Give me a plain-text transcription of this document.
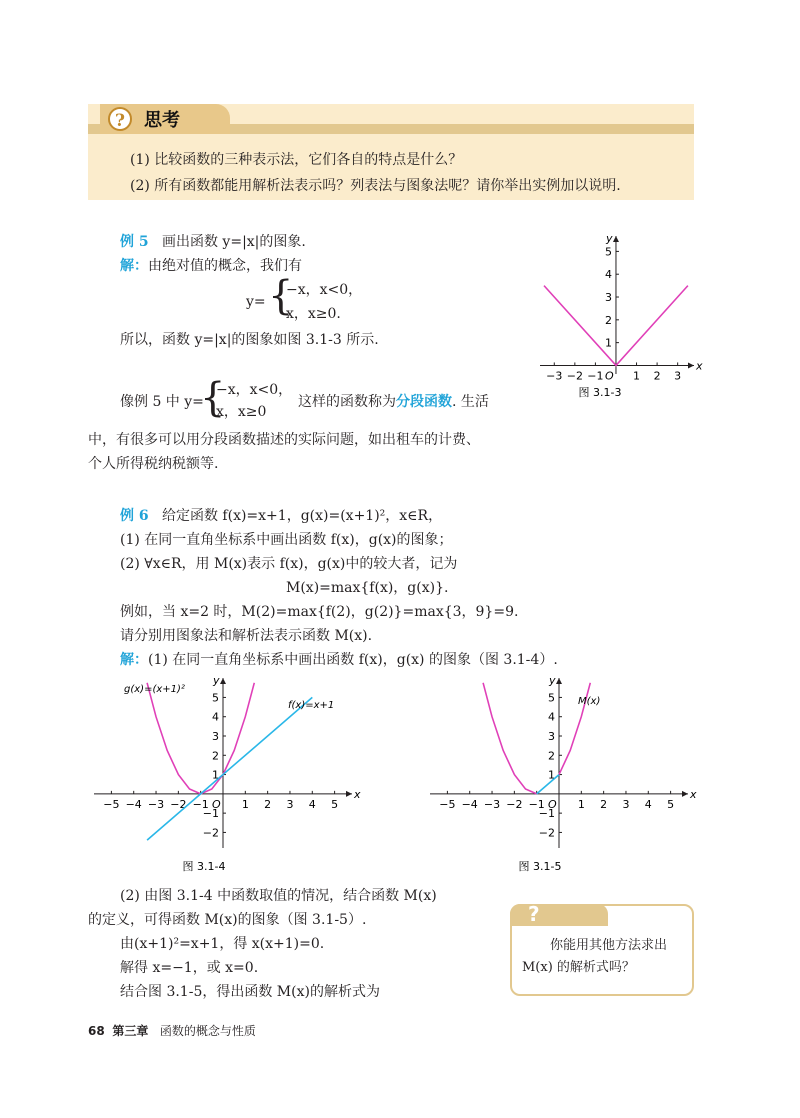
?	思考
(1) 比较函数的三种表示法，它们各自的特点是什么？
(2) 所有函数都能用解析法表示吗？列表法与图象法呢？请你举出实例加以说明.
例 5 画出函数 y=|x|的图象.
解：由绝对值的概念，我们有
y= {
−x，x<0，
x，x≥0.
所以，函数 y=|x|的图象如图 3.1-3 所示.
x
y
O
−3 −2 −1	1 2 3
1
2
3
4
5
图 3.1-3
像例 5 中 y=
{
−x，x<0，
x，x≥0
这样的函数称为分段函数. 生活
中，有很多可以用分段函数描述的实际问题，如出租车的计费、
个人所得税纳税额等.
例 6 给定函数 f(x)=x+1，g(x)=(x+1)²，x∈R，
(1) 在同一直角坐标系中画出函数 f(x)，g(x)的图象；
(2) ∀x∈R，用 M(x)表示 f(x)，g(x)中的较大者，记为
M(x)=max{f(x)，g(x)}.
例如，当 x=2 时，M(2)=max{f(2)，g(2)}=max{3，9}=9.
请分别用图象法和解析法表示函数 M(x).
解：(1) 在同一直角坐标系中画出函数 f(x)，g(x) 的图象（图 3.1-4）.
x
y
O
−5 −4 −3 −2 −1	1 2 3 4 5
−2
−1
1
2
3
4
5
g(x)=(x+1)²
f(x)=x+1
图 3.1-4
x
y
O
−5 −4 −3 −2 −1	1 2 3 4 5
−2
−1
1
2
3
4
5 M(x)
图 3.1-5
(2) 由图 3.1-4 中函数取值的情况，结合函数 M(x)
的定义，可得函数 M(x)的图象（图 3.1-5）.
由(x+1)²=x+1，得 x(x+1)=0.
解得 x=−1，或 x=0.
结合图 3.1-5，得出函数 M(x)的解析式为
?
你能用其他方法求出
M(x) 的解析式吗？
68 第三章 函数的概念与性质
